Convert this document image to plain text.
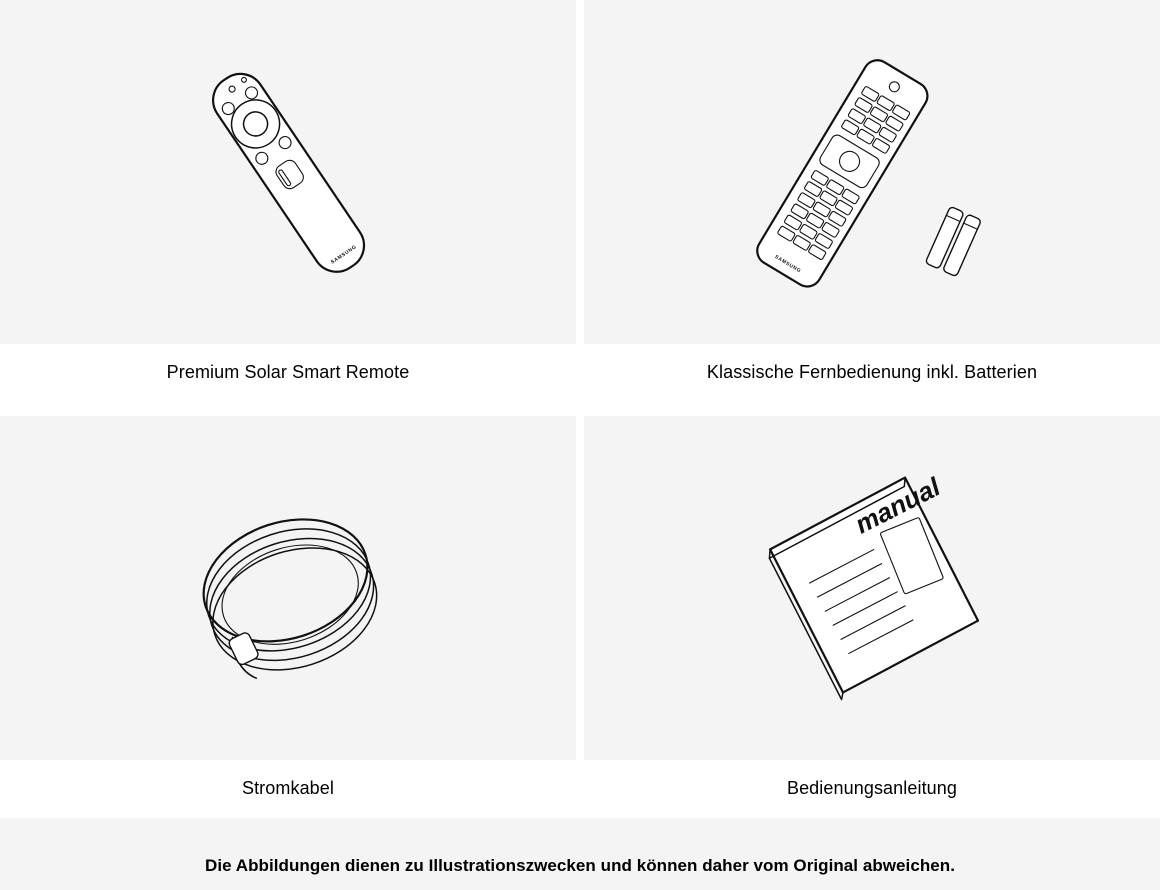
SAMSUNG	SAMSUNG
Premium Solar Smart Remote	Klassische Fernbedienung inkl. Batterien
manual
Stromkabel	Bedienungsanleitung
Die Abbildungen dienen zu Illustrationszwecken und können daher vom Original abweichen.
